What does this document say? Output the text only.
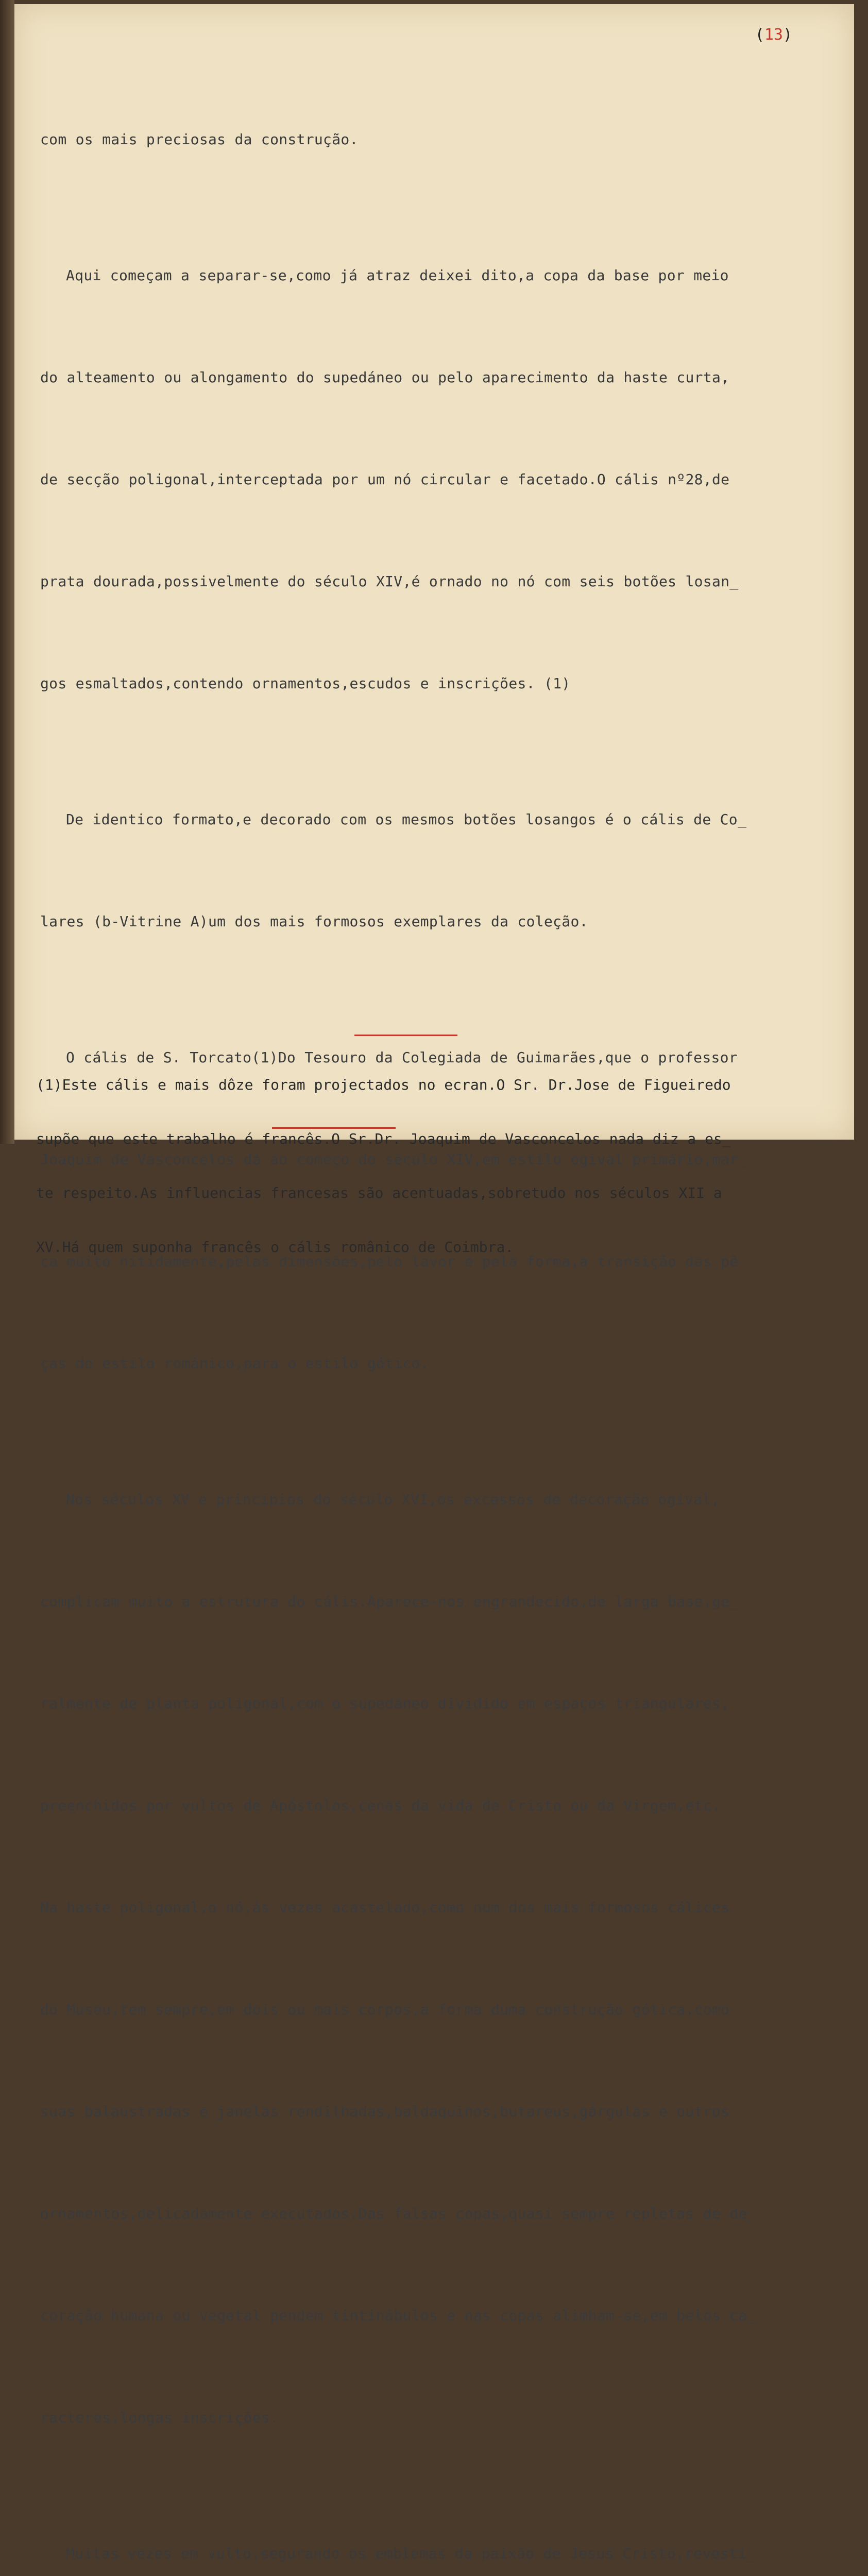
(13)

com os mais preciosas da construção.

Aqui começam a separar-se,como já atraz deixei dito,a copa da base por meio

do alteamento ou alongamento do supedáneo ou pelo aparecimento da haste curta,

de secção poligonal,interceptada por um nó circular e facetado.O cális nº28,de

prata dourada,possivelmente do século XIV,é ornado no nó com seis botões losan_

gos esmaltados,contendo ornamentos,escudos e inscrições. (1)

De identico formato,e decorado com os mesmos botões losangos é o cális de Co_

lares (b-Vitrine A)um dos mais formosos exemplares da coleção.

O cális de S. Torcato(1)Do Tesouro da Colegiada de Guimarães,que o professor

Joaquim de Vasconcelos dá ao começo do século XIV,em estilo ogival primário,mar_

ca muito nitidamente,pelas dimensões,pelo lavor e pela forma,a transição das pẽ

ças do estilo românico,para o estilo gótico.

Nos séculos XV e principios do século XVI,os excessos de decoração ogival,

complicam muito a estrutura do cális.Aparece-nos engrandecido,de larga base,ge_

ralmente de planta poligonal,com o supedáneo dividido em espaços triangulares,

preenchidos por vultos de Apóstolos,cenas da vida de Cristo ou da Virgem,etc.

Na haste poligonal,o nó,às vezes acastelado,como num dos mais formosos cálices

do Museu,tem sempre,em dois ou mais corpos,a forma duma construção gótica,como

suas balaustradas e janelas rendilhadas,baldaquinos,butareus,gárgulas e outros

ornamentos,delicadamente executados.Das falsas copas,quasi sempre repletas de de_

coração humana ou vegetal pendem tintinábulos e nas copas alimham-se,em belos ca_

racteres,longas inscrições.

Muitas vezes em vulto,segurando os emblemas da paixão de Jesus Cristo,revesti_

(1)Este cális e mais dôze foram projectados no ecran.O Sr. Dr.Jose de Figueiredo

supõe que este trabalho é francês.O Sr.Dr. Joaquim de Vasconcelos nada diz a es_

te respeito.As influencias francesas são acentuadas,sobretudo nos séculos XII a

XV.Há quem suponha francês o cális românico de Coimbra.
